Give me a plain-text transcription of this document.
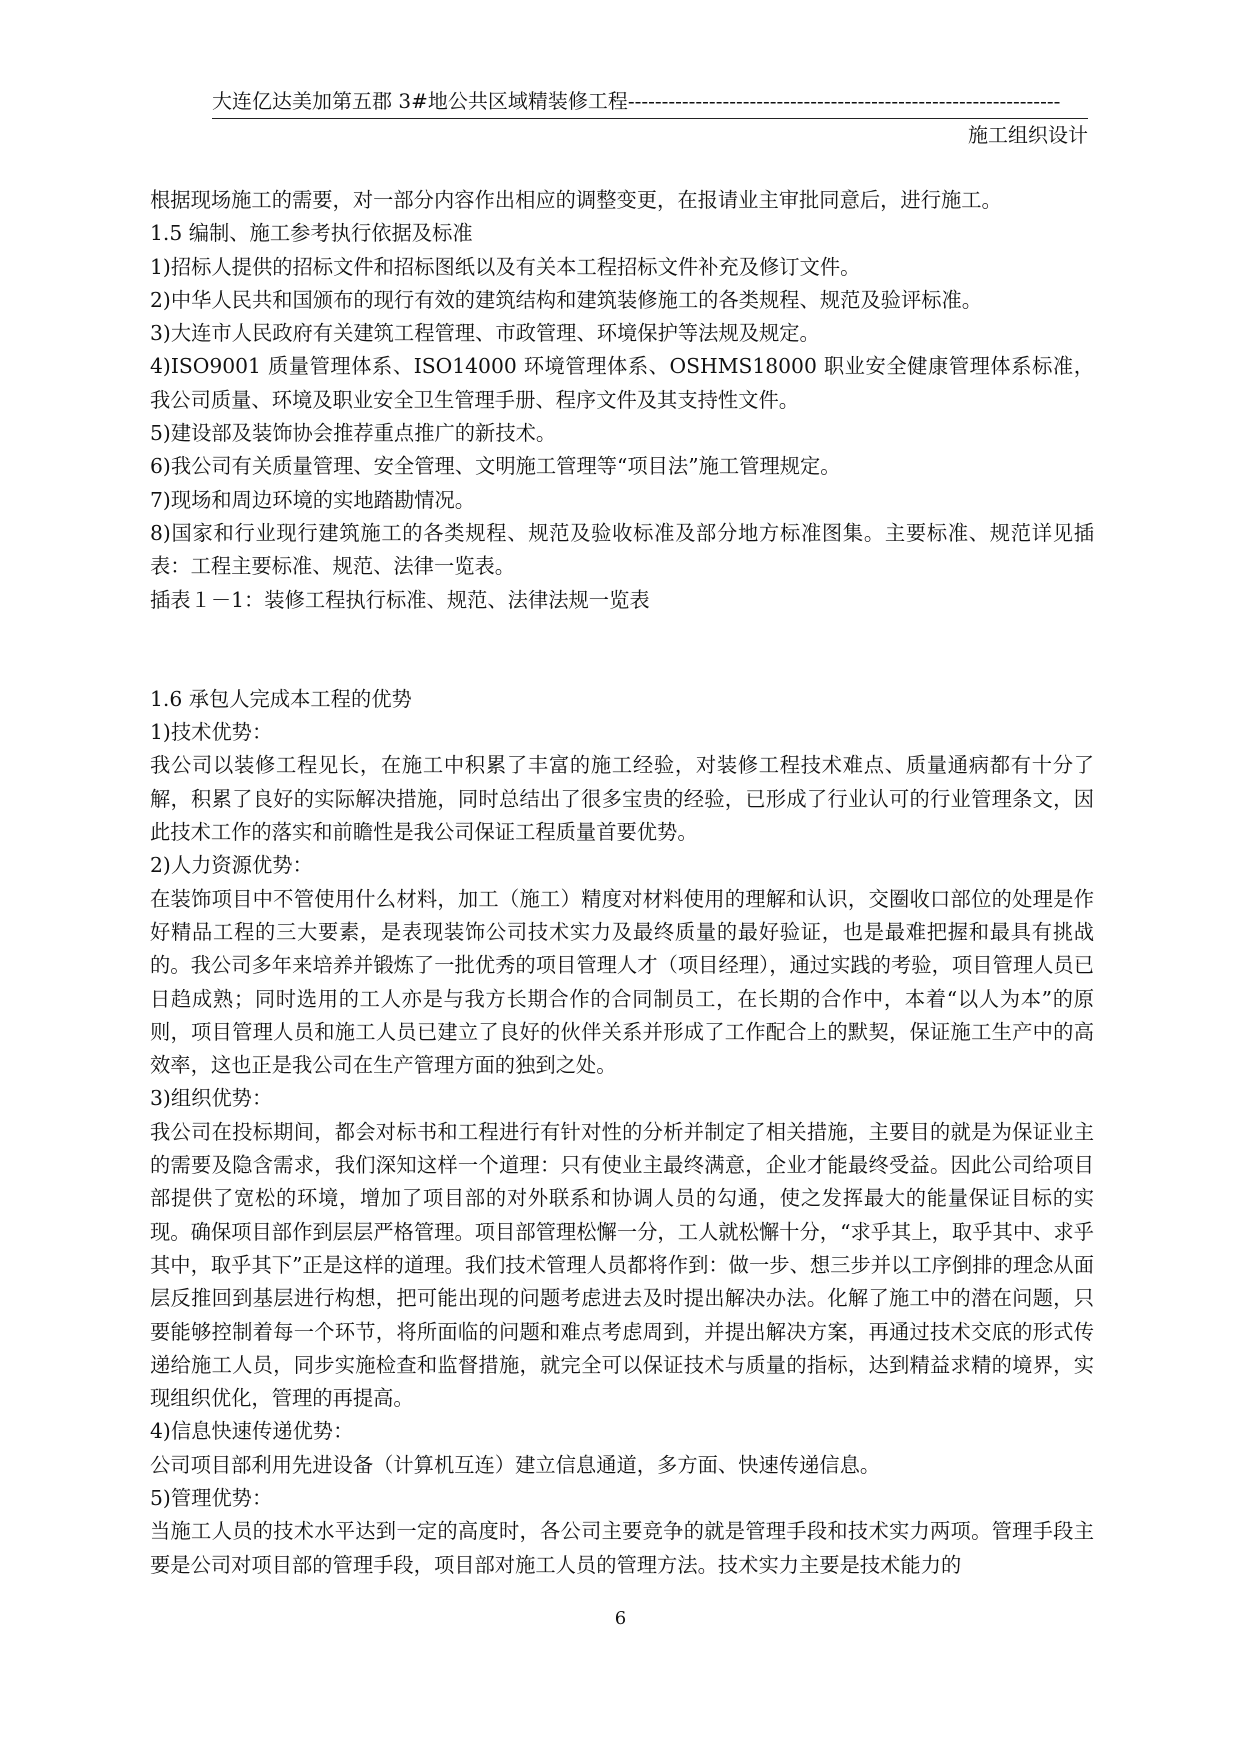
大连亿达美加第五郡 3#地公共区域精装修工程----------------------------------------------------------------
施工组织设计

根据现场施工的需要，对一部分内容作出相应的调整变更，在报请业主审批同意后，进行施工。

1.5 编制、施工参考执行依据及标准

1)招标人提供的招标文件和招标图纸以及有关本工程招标文件补充及修订文件。

2)中华人民共和国颁布的现行有效的建筑结构和建筑装修施工的各类规程、规范及验评标准。

3)大连市人民政府有关建筑工程管理、市政管理、环境保护等法规及规定。

4)ISO9001 质量管理体系、ISO14000 环境管理体系、OSHMS18000 职业安全健康管理体系标准，我公司质量、环境及职业安全卫生管理手册、程序文件及其支持性文件。

5)建设部及装饰协会推荐重点推广的新技术。

6)我公司有关质量管理、安全管理、文明施工管理等“项目法”施工管理规定。

7)现场和周边环境的实地踏勘情况。

8)国家和行业现行建筑施工的各类规程、规范及验收标准及部分地方标准图集。主要标准、规范详见插表：工程主要标准、规范、法律一览表。

插表１－1：装修工程执行标准、规范、法律法规一览表

1.6 承包人完成本工程的优势

1)技术优势：

我公司以装修工程见长，在施工中积累了丰富的施工经验，对装修工程技术难点、质量通病都有十分了解，积累了良好的实际解决措施，同时总结出了很多宝贵的经验，已形成了行业认可的行业管理条文，因此技术工作的落实和前瞻性是我公司保证工程质量首要优势。

2)人力资源优势：

在装饰项目中不管使用什么材料，加工（施工）精度对材料使用的理解和认识，交圈收口部位的处理是作好精品工程的三大要素，是表现装饰公司技术实力及最终质量的最好验证，也是最难把握和最具有挑战的。我公司多年来培养并锻炼了一批优秀的项目管理人才（项目经理），通过实践的考验，项目管理人员已日趋成熟；同时选用的工人亦是与我方长期合作的合同制员工，在长期的合作中，本着“以人为本”的原则，项目管理人员和施工人员已建立了良好的伙伴关系并形成了工作配合上的默契，保证施工生产中的高效率，这也正是我公司在生产管理方面的独到之处。

3)组织优势：

我公司在投标期间，都会对标书和工程进行有针对性的分析并制定了相关措施，主要目的就是为保证业主的需要及隐含需求，我们深知这样一个道理：只有使业主最终满意，企业才能最终受益。因此公司给项目部提供了宽松的环境，增加了项目部的对外联系和协调人员的勾通，使之发挥最大的能量保证目标的实现。确保项目部作到层层严格管理。项目部管理松懈一分，工人就松懈十分，“求乎其上，取乎其中、求乎其中，取乎其下”正是这样的道理。我们技术管理人员都将作到：做一步、想三步并以工序倒排的理念从面层反推回到基层进行构想，把可能出现的问题考虑进去及时提出解决办法。化解了施工中的潜在问题，只要能够控制着每一个环节，将所面临的问题和难点考虑周到，并提出解决方案，再通过技术交底的形式传递给施工人员，同步实施检查和监督措施，就完全可以保证技术与质量的指标，达到精益求精的境界，实现组织优化，管理的再提高。

4)信息快速传递优势：

公司项目部利用先进设备（计算机互连）建立信息通道，多方面、快速传递信息。

5)管理优势：

当施工人员的技术水平达到一定的高度时，各公司主要竞争的就是管理手段和技术实力两项。管理手段主要是公司对项目部的管理手段，项目部对施工人员的管理方法。技术实力主要是技术能力的

6
